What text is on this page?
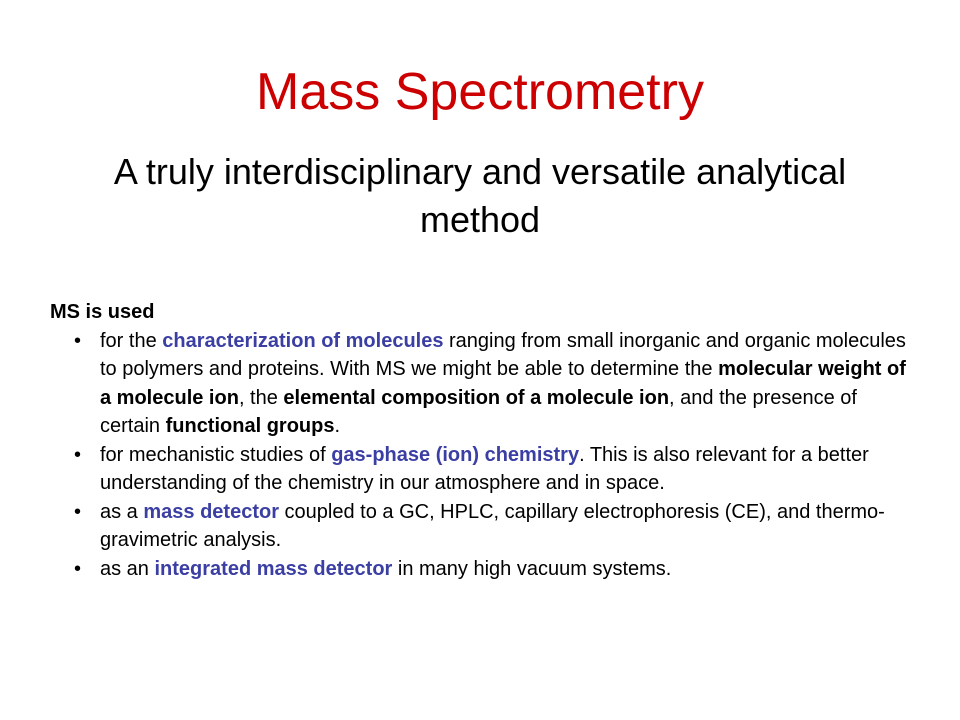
Mass Spectrometry
A truly interdisciplinary and versatile analytical method

MS is used

• for the characterization of molecules ranging from small inorganic and organic molecules to polymers and proteins. With MS we might be able to determine the molecular weight of a molecule ion, the elemental composition of a molecule ion, and the presence of certain functional groups.
• for mechanistic studies of gas-phase (ion) chemistry. This is also relevant for a better understanding of the chemistry in our atmosphere and in space.
• as a mass detector coupled to a GC, HPLC, capillary electrophoresis (CE), and thermo-gravimetric analysis.
• as an integrated mass detector in many high vacuum systems.
